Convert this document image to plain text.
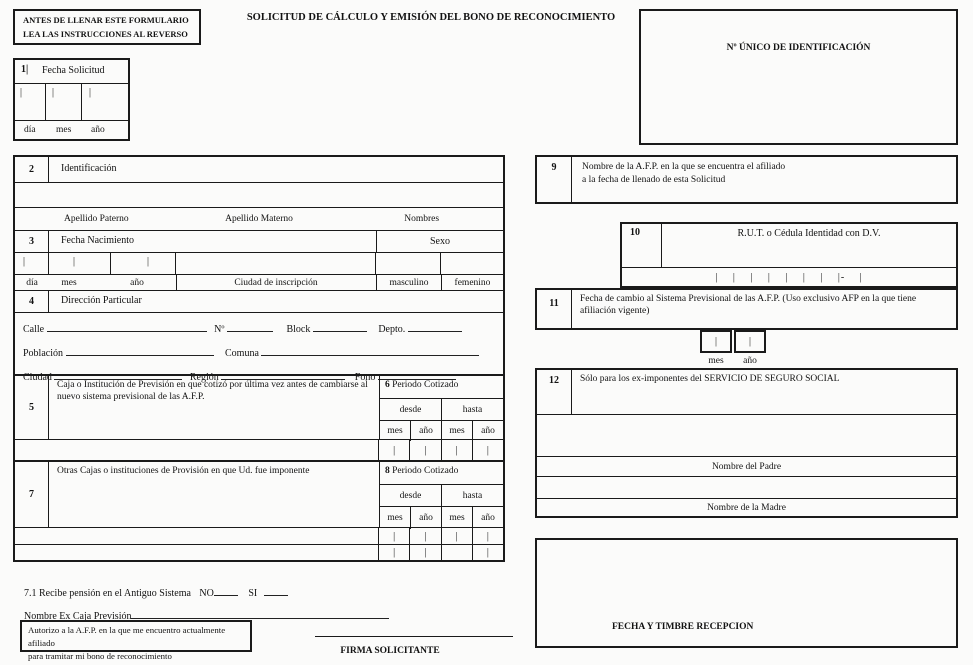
ANTES DE LLENAR ESTE FORMULARIO
LEA LAS INSTRUCCIONES AL REVERSO
SOLICITUD DE CÁLCULO Y EMISIÓN DEL BONO DE RECONOCIMIENTO
Nº ÚNICO DE IDENTIFICACIÓN
1| Fecha Solicitud
|	|	|
día mes año
2	Identificación
Apellido Paterno	Apellido Materno	Nombres
3	Fecha Nacimiento	Sexo
|	|	|
día	mes	año	Ciudad de inscripción	masculino	femenino
4	Dirección Particular
Calle	Nº	Block	Depto.
Población	Comuna
Ciudad	Región	Fono
5
Caja o Institución de Previsión en que cotizó por última vez antes de cambiarse al nuevo sistema previsional de las A.F.P.
6 Periodo Cotizado
desde	hasta
mes	año	mes	año
|	|	|	|
7
Otras Cajas o instituciones de Provisión en que Ud. fue imponente	8 Periodo Cotizado
desde	hasta
mes	año	mes	año
|	|	|	|
|	|	|
7.1 Recibe pensión en el Antiguo Sistema NO	SI
Nombre Ex Caja Previsión
Autorizo a la A.F.P. en la que me encuentro actualmente afiliado
para tramitar mi bono de reconocimiento	FIRMA SOLICITANTE
9	Nombre de la A.F.P. en la que se encuentra el afiliado
a la fecha de llenado de esta Solicitud
10	R.U.T. o Cédula Identidad con D.V.
| | | | | | | |- |
11	Fecha de cambio al Sistema Previsional de las A.F.P. (Uso exclusivo AFP en la que tiene afiliación vigente)
|	|
mes	año
12	Sólo para los ex-imponentes del SERVICIO DE SEGURO SOCIAL
Nombre del Padre
Nombre de la Madre
FECHA Y TIMBRE RECEPCION
